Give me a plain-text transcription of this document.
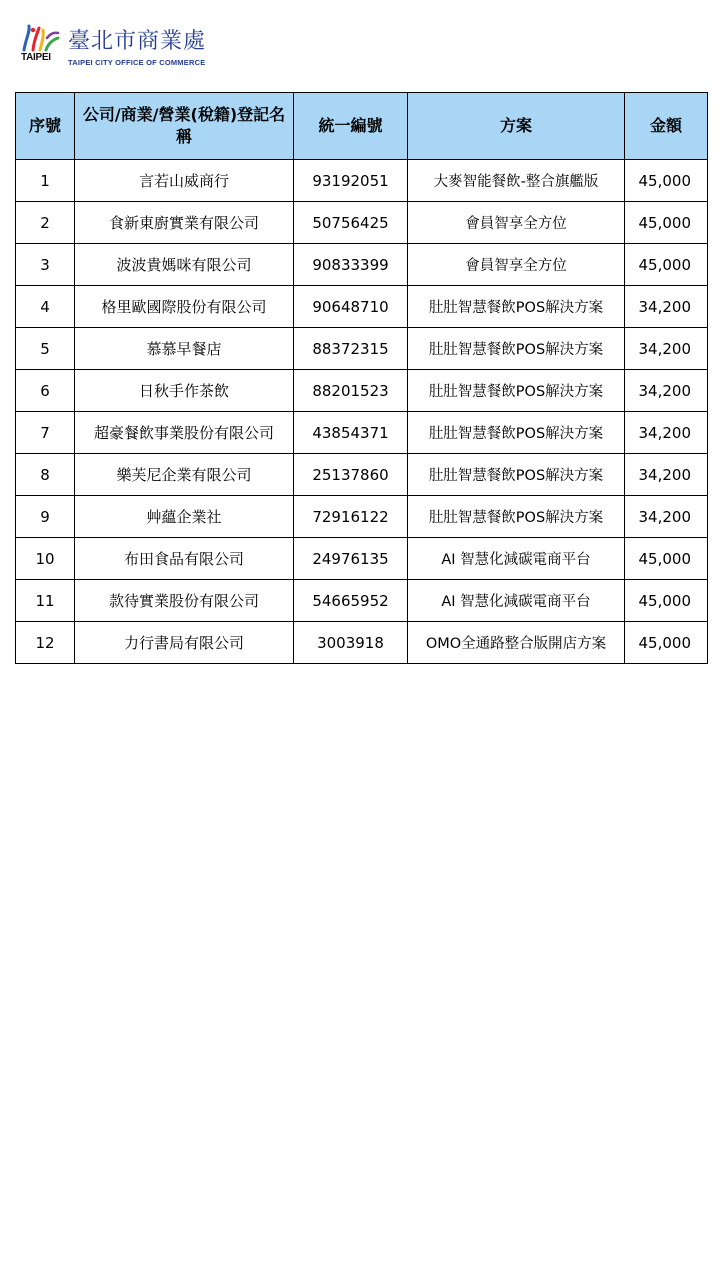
TAIPEI
臺北市商業處
TAIPEI CITY OFFICE OF COMMERCE
序號	公司/商業/營業(稅籍)登記名稱	統一編號	方案	金額
1	言若山威商行	93192051	大麥智能餐飲-整合旗艦版	45,000
2	食新東廚實業有限公司	50756425	會員智享全方位	45,000
3	波波貴媽咪有限公司	90833399	會員智享全方位	45,000
4	格里歐國際股份有限公司	90648710	肚肚智慧餐飲POS解決方案	34,200
5	慕慕早餐店	88372315	肚肚智慧餐飲POS解決方案	34,200
6	日秋手作茶飲	88201523	肚肚智慧餐飲POS解決方案	34,200
7	超豪餐飲事業股份有限公司	43854371	肚肚智慧餐飲POS解決方案	34,200
8	樂芙尼企業有限公司	25137860	肚肚智慧餐飲POS解決方案	34,200
9	艸蘊企業社	72916122	肚肚智慧餐飲POS解決方案	34,200
10	布田食品有限公司	24976135	AI 智慧化減碳電商平台	45,000
11	款待實業股份有限公司	54665952	AI 智慧化減碳電商平台	45,000
12	力行書局有限公司	3003918	OMO全通路整合版開店方案	45,000
